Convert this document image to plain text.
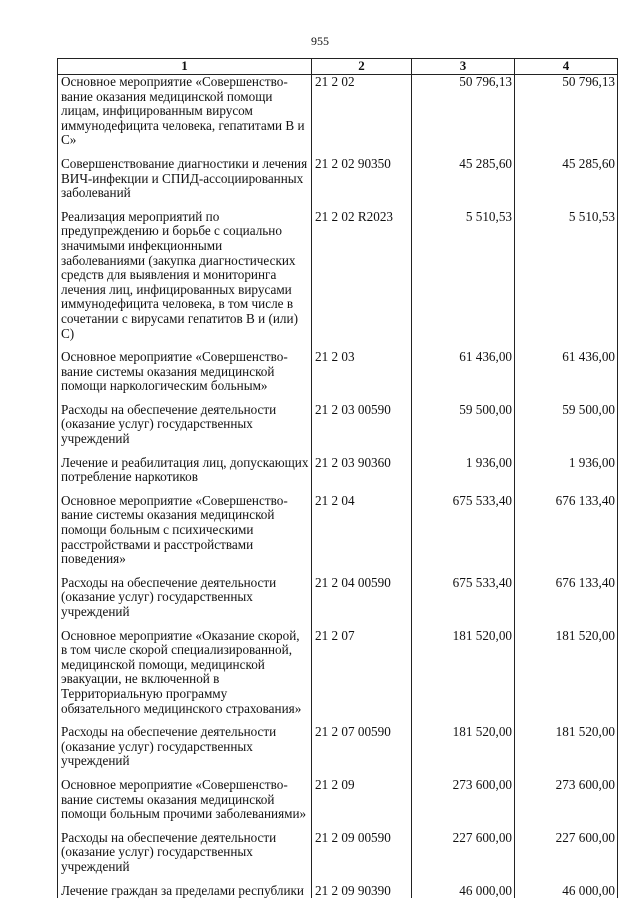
955
1	2	3	4
Основное мероприятие «Совершенство-вание оказания медицинской помощи лицам, инфицированным вирусом иммунодефицита человека, гепатитами В и С»	21 2 02	50 796,13	50 796,13

Совершенствование диагностики и лечения ВИЧ-инфекции и СПИД-ассоциированных заболеваний	21 2 02 90350	45 285,60	45 285,60

Реализация мероприятий по предупреждению и борьбе с социально значимыми инфекционными заболеваниями (закупка диагностических средств для выявления и мониторинга лечения лиц, инфицированных вирусами иммунодефицита человека, в том числе в сочетании с вирусами гепатитов В и (или) С)	21 2 02 R2023	5 510,53	5 510,53

Основное мероприятие «Совершенство-вание системы оказания медицинской помощи наркологическим больным»	21 2 03	61 436,00	61 436,00

Расходы на обеспечение деятельности (оказание услуг) государственных учреждений	21 2 03 00590	59 500,00	59 500,00

Лечение и реабилитация лиц, допускающих потребление наркотиков	21 2 03 90360	1 936,00	1 936,00

Основное мероприятие «Совершенство-вание системы оказания медицинской помощи больным с психическими расстройствами и расстройствами поведения»	21 2 04	675 533,40	676 133,40

Расходы на обеспечение деятельности (оказание услуг) государственных учреждений	21 2 04 00590	675 533,40	676 133,40

Основное мероприятие «Оказание скорой, в том числе скорой специализированной, медицинской помощи, медицинской эвакуации, не включенной в Территориальную программу обязательного медицинского страхования»	21 2 07	181 520,00	181 520,00

Расходы на обеспечение деятельности (оказание услуг) государственных учреждений	21 2 07 00590	181 520,00	181 520,00

Основное мероприятие «Совершенство-вание системы оказания медицинской помощи больным прочими заболеваниями»	21 2 09	273 600,00	273 600,00

Расходы на обеспечение деятельности (оказание услуг) государственных учреждений	21 2 09 00590	227 600,00	227 600,00

Лечение граждан за пределами республики	21 2 09 90390	46 000,00	46 000,00
